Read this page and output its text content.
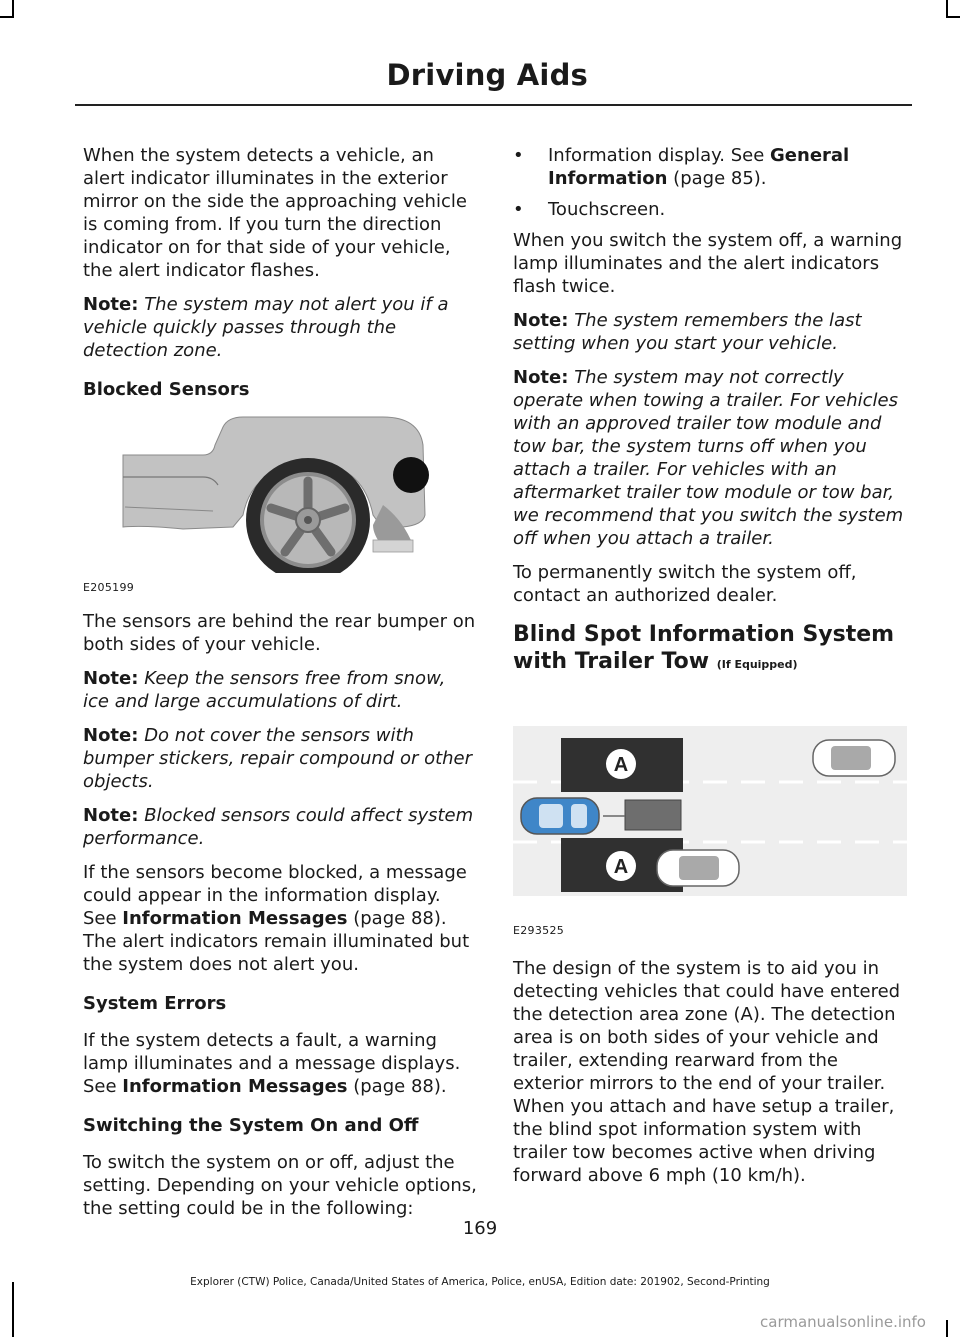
Driving Aids

When the system detects a vehicle, an alert indicator illuminates in the exterior mirror on the side the approaching vehicle is coming from. If you turn the direction indicator on for that side of your vehicle, the alert indicator flashes.

Note: The system may not alert you if a vehicle quickly passes through the detection zone.

Blocked Sensors

E205199

The sensors are behind the rear bumper on both sides of your vehicle.

Note: Keep the sensors free from snow, ice and large accumulations of dirt.

Note: Do not cover the sensors with bumper stickers, repair compound or other objects.

Note: Blocked sensors could affect system performance.

If the sensors become blocked, a message could appear in the information display. See Information Messages (page 88). The alert indicators remain illuminated but the system does not alert you.

System Errors

If the system detects a fault, a warning lamp illuminates and a message displays. See Information Messages (page 88).

Switching the System On and Off

To switch the system on or off, adjust the setting. Depending on your vehicle options, the setting could be in the following:

• Information display. See General Information (page 85).
• Touchscreen.

When you switch the system off, a warning lamp illuminates and the alert indicators flash twice.

Note: The system remembers the last setting when you start your vehicle.

Note: The system may not correctly operate when towing a trailer. For vehicles with an approved trailer tow module and tow bar, the system turns off when you attach a trailer. For vehicles with an aftermarket trailer tow module or tow bar, we recommend that you switch the system off when you attach a trailer.

To permanently switch the system off, contact an authorized dealer.

Blind Spot Information System with Trailer Tow (If Equipped)
A
A
E293525

The design of the system is to aid you in detecting vehicles that could have entered the detection area zone (A). The detection area is on both sides of your vehicle and trailer, extending rearward from the exterior mirrors to the end of your trailer. When you attach and have setup a trailer, the blind spot information system with trailer tow becomes active when driving forward above 6 mph (10 km/h).

169
Explorer (CTW) Police, Canada/United States of America, Police, enUSA, Edition date: 201902, Second-Printing
carmanualsonline.info
